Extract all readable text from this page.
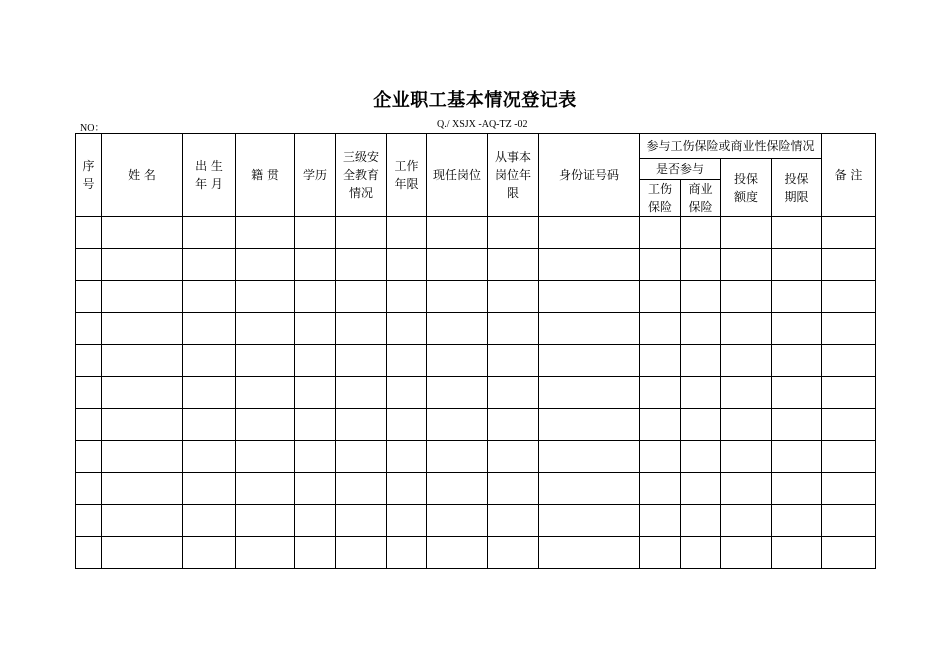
企业职工基本情况登记表
NO：	Q./ XSJX -AQ-TZ -02
序号	姓 名	出 生 年 月	籍 贯	学历	三级安全教育情况	工作年限	现任岗位	从事本岗位年限	身份证号码	参与工伤保险或商业性保险情况				备 注
										是否参与		投保额度	投保期限	

										工伤保险	商业保险			
